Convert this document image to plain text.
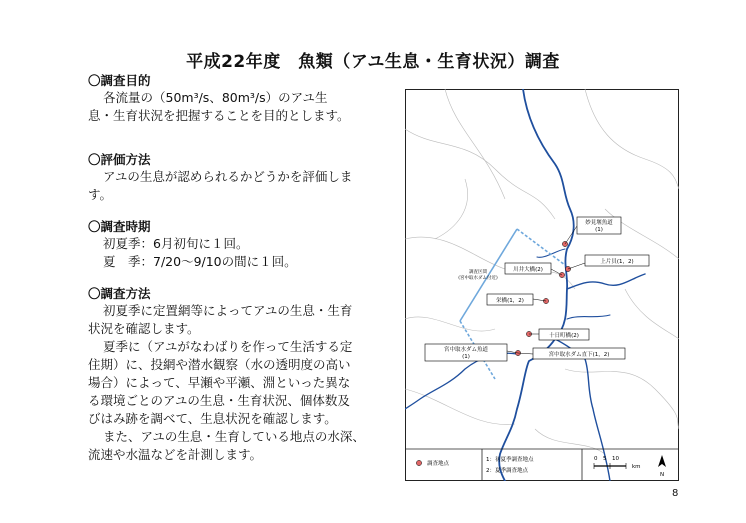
平成22年度　魚類（アユ生息・生育状況）調査
〇調査目的
各流量の（50m³/s、80m³/s）のアユ生
息・生育状況を把握することを目的とします。
〇評価方法
アユの生息が認められるかどうかを評価しま
す。
〇調査時期
初夏季：6月初旬に１回。
夏　季：7/20～9/10の間に１回。
〇調査方法
初夏季に定置網等によってアユの生息・生育
状況を確認します。
夏季に（アユがなわばりを作って生活する定
住期）に、投網や潜水観察（水の透明度の高い
場合）によって、早瀬や平瀬、淵といった異な
る環境ごとのアユの生息・生育状況、個体数及
びはみ跡を調べて、生息状況を確認します。
また、アユの生息・生育している地点の水深、
流速や水温などを計測します。
妙見堰魚道
(1)
上片貝(1，2)
川井大橋(2)
栄橋(1，2)
十日町橋(2)
宮中取水ダム魚道
(1)	宮中取水ダム直下(1，2)
調査区間
(宮中取水ダム付近)
調査地点
1：初夏季調査地点
2：夏季調査地点
0　5　10
km
N
8
